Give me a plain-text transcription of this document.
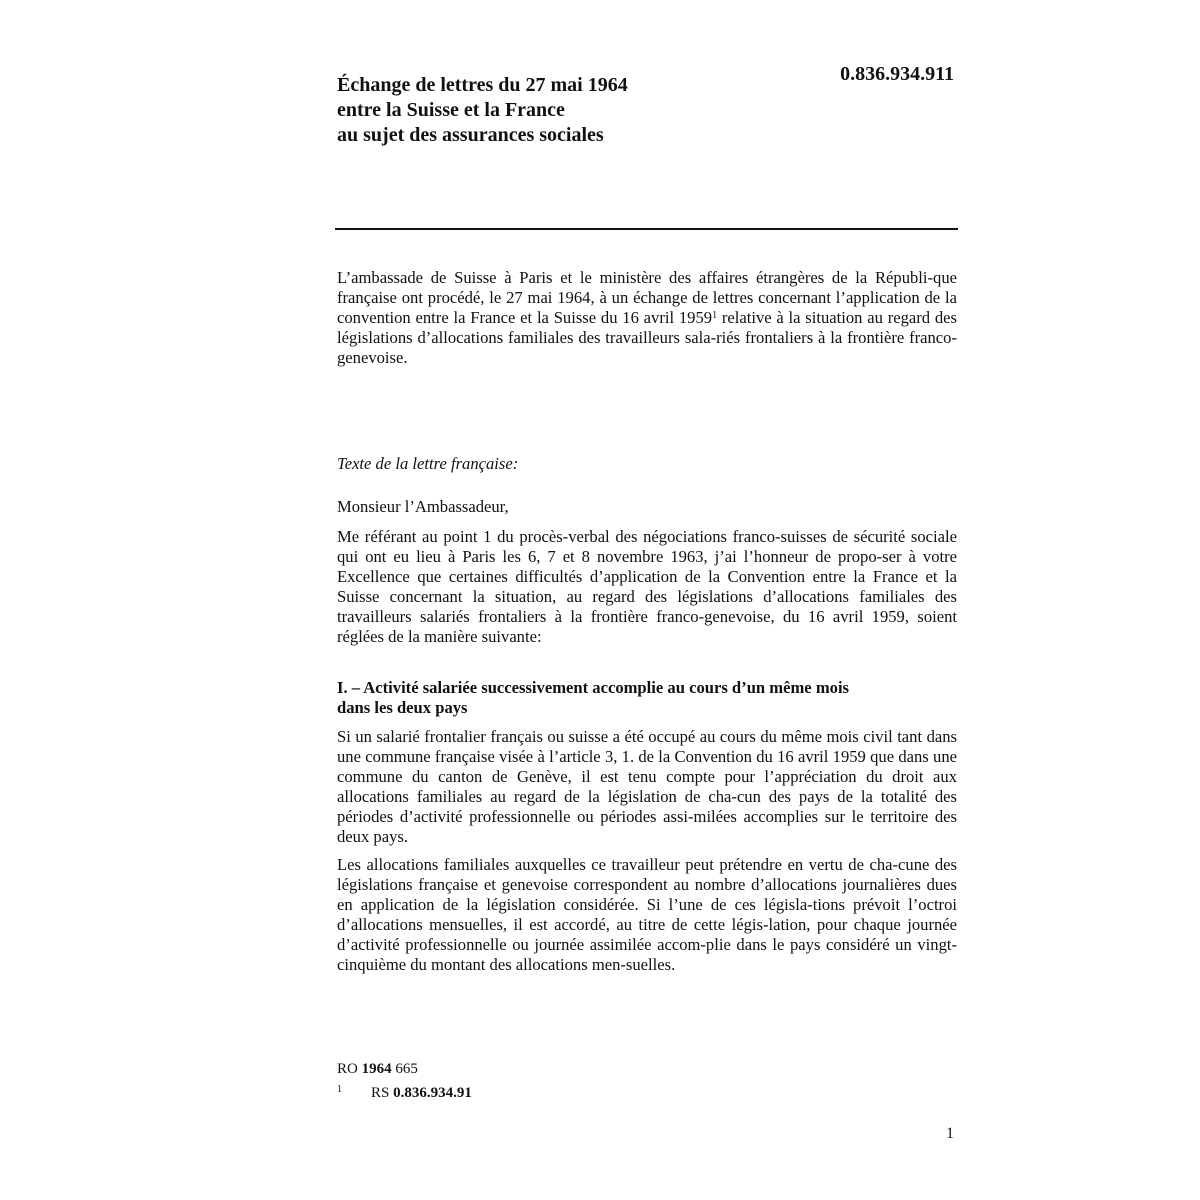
Échange de lettres du 27 mai 1964
entre la Suisse et la France
au sujet des assurances sociales
0.836.934.911

L’ambassade de Suisse à Paris et le ministère des affaires étrangères de la Républi-que française ont procédé, le 27 mai 1964, à un échange de lettres concernant l’application de la convention entre la France et la Suisse du 16 avril 1959$^1$ relative à la situation au regard des législations d’allocations familiales des travailleurs sala-riés frontaliers à la frontière franco-genevoise.

Texte de la lettre française:

Monsieur l’Ambassadeur,

Me référant au point 1 du procès-verbal des négociations franco-suisses de sécurité sociale qui ont eu lieu à Paris les 6, 7 et 8 novembre 1963, j’ai l’honneur de propo-ser à votre Excellence que certaines difficultés d’application de la Convention entre la France et la Suisse concernant la situation, au regard des législations d’allocations familiales des travailleurs salariés frontaliers à la frontière franco-genevoise, du 16 avril 1959, soient réglées de la manière suivante:

I. – Activité salariée successivement accomplie au cours d’un même mois
dans les deux pays

Si un salarié frontalier français ou suisse a été occupé au cours du même mois civil tant dans une commune française visée à l’article 3, 1. de la Convention du 16 avril 1959 que dans une commune du canton de Genève, il est tenu compte pour l’appréciation du droit aux allocations familiales au regard de la législation de cha-cun des pays de la totalité des périodes d’activité professionnelle ou périodes assi-milées accomplies sur le territoire des deux pays.

Les allocations familiales auxquelles ce travailleur peut prétendre en vertu de cha-cune des législations française et genevoise correspondent au nombre d’allocations journalières dues en application de la législation considérée. Si l’une de ces législa-tions prévoit l’octroi d’allocations mensuelles, il est accordé, au titre de cette légis-lation, pour chaque journée d’activité professionnelle ou journée assimilée accom-plie dans le pays considéré un vingt-cinquième du montant des allocations men-suelles.

RO 1964 665
1 RS 0.836.934.91
1
